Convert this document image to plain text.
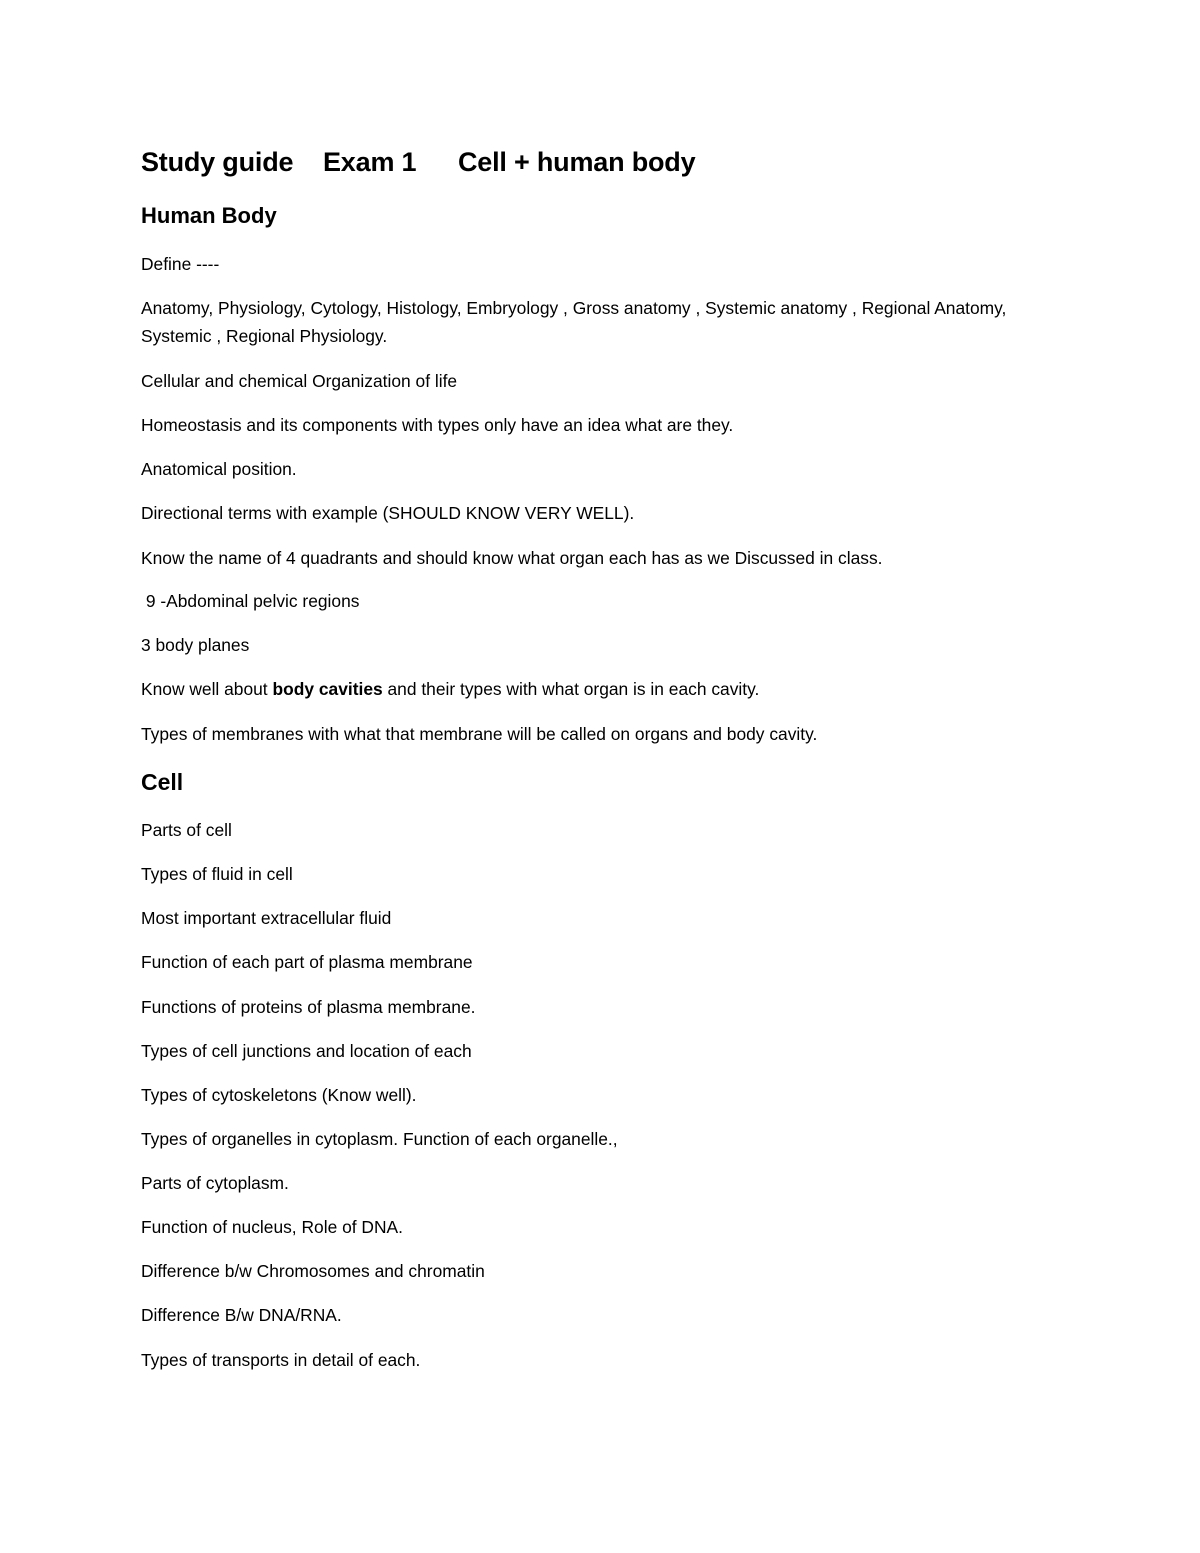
Study guide Exam 1 Cell + human body
Human Body

Define ----

Anatomy, Physiology, Cytology, Histology, Embryology , Gross anatomy , Systemic anatomy , Regional Anatomy, Systemic , Regional Physiology.

Cellular and chemical Organization of life

Homeostasis and its components with types only have an idea what are they.

Anatomical position.

Directional terms with example (SHOULD KNOW VERY WELL).

Know the name of 4 quadrants and should know what organ each has as we Discussed in class.

9 -Abdominal pelvic regions

3 body planes

Know well about body cavities and their types with what organ is in each cavity.

Types of membranes with what that membrane will be called on organs and body cavity.

Cell

Parts of cell

Types of fluid in cell

Most important extracellular fluid

Function of each part of plasma membrane

Functions of proteins of plasma membrane.

Types of cell junctions and location of each

Types of cytoskeletons (Know well).

Types of organelles in cytoplasm. Function of each organelle.,

Parts of cytoplasm.

Function of nucleus, Role of DNA.

Difference b/w Chromosomes and chromatin

Difference B/w DNA/RNA.

Types of transports in detail of each.
